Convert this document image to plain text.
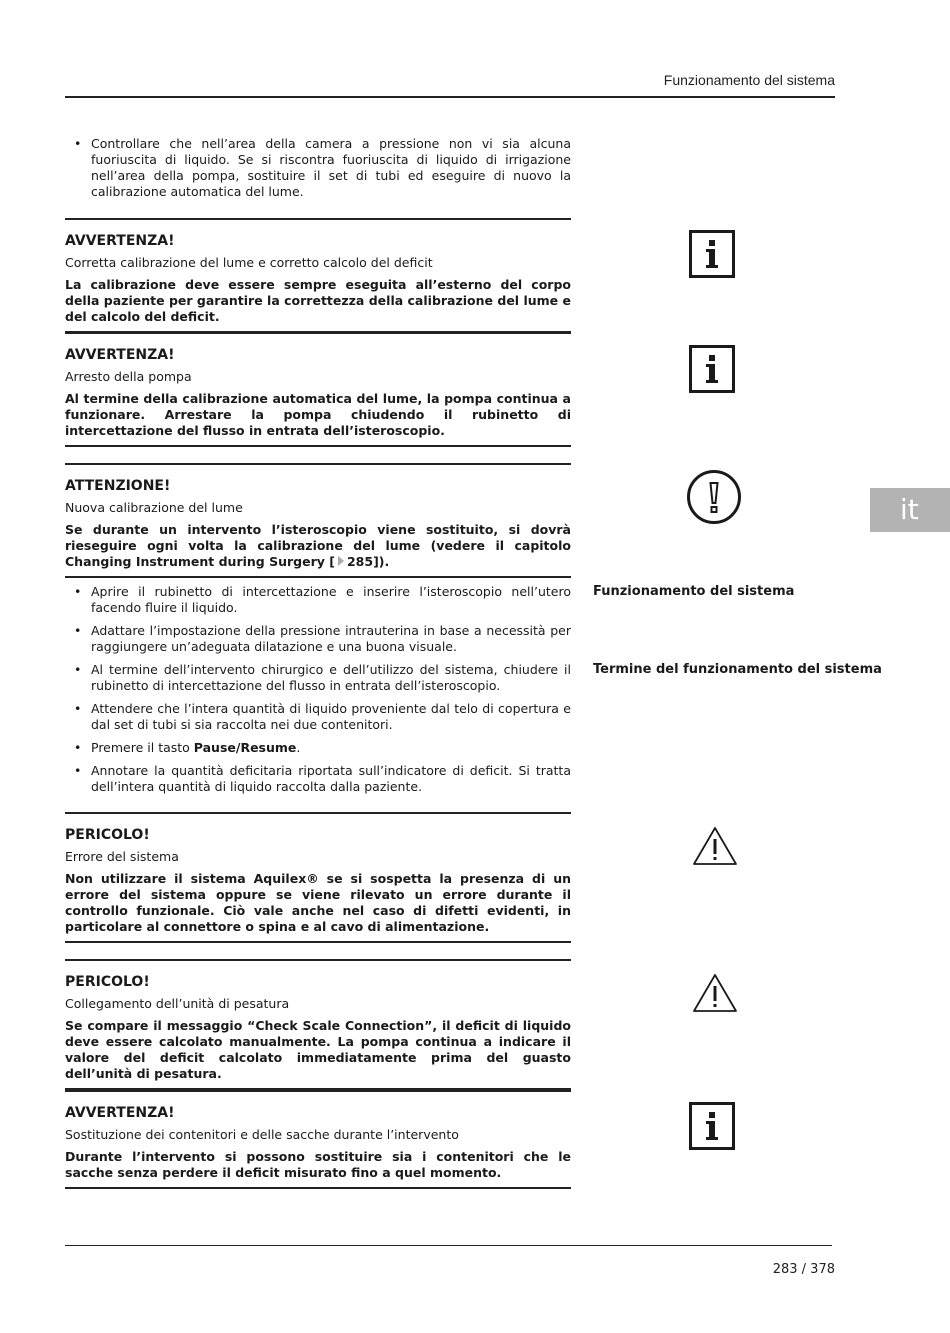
Funzionamento del sistema
it
• Controllare che nell’area della camera a pressione non vi sia alcuna fuoriuscita di liquido. Se si riscontra fuoriuscita di liquido di irrigazione nell’area della pompa, sostituire il set di tubi ed eseguire di nuovo la calibrazione automatica del lume.
AVVERTENZA!
Corretta calibrazione del lume e corretto calcolo del deficit
La calibrazione deve essere sempre eseguita all’esterno del corpo della paziente per garantire la correttezza della calibrazione del lume e del calcolo del deficit.
AVVERTENZA!
Arresto della pompa
Al termine della calibrazione automatica del lume, la pompa continua a funzionare. Arrestare la pompa chiudendo il rubinetto di intercettazione del flusso in entrata dell’isteroscopio.
ATTENZIONE!
Nuova calibrazione del lume
Se durante un intervento l’isteroscopio viene sostituito, si dovrà rieseguire ogni volta la calibrazione del lume (vedere il capitolo Changing Instrument during Surgery [ 285]).
• Aprire il rubinetto di intercettazione e inserire l’isteroscopio nell’utero facendo fluire il liquido.
• Adattare l’impostazione della pressione intrauterina in base a necessità per raggiungere un’adeguata dilatazione e una buona visuale.
• Al termine dell’intervento chirurgico e dell’utilizzo del sistema, chiudere il rubinetto di intercettazione del flusso in entrata dell’isteroscopio.
• Attendere che l’intera quantità di liquido proveniente dal telo di copertura e dal set di tubi si sia raccolta nei due contenitori.
• Premere il tasto Pause/Resume.
• Annotare la quantità deficitaria riportata sull’indicatore di deficit. Si tratta dell’intera quantità di liquido raccolta dalla paziente.
Funzionamento del sistema
Termine del funzionamento del sistema
PERICOLO!
Errore del sistema
Non utilizzare il sistema Aquilex® se si sospetta la presenza di un errore del sistema oppure se viene rilevato un errore durante il controllo funzionale. Ciò vale anche nel caso di difetti evidenti, in particolare al connettore o spina e al cavo di alimentazione.
PERICOLO!
Collegamento dell’unità di pesatura
Se compare il messaggio “Check Scale Connection”, il deficit di liquido deve essere calcolato manualmente. La pompa continua a indicare il valore del deficit calcolato immediatamente prima del guasto dell’unità di pesatura.
AVVERTENZA!
Sostituzione dei contenitori e delle sacche durante l’intervento
Durante l’intervento si possono sostituire sia i contenitori che le sacche senza perdere il deficit misurato fino a quel momento.
283 / 378
